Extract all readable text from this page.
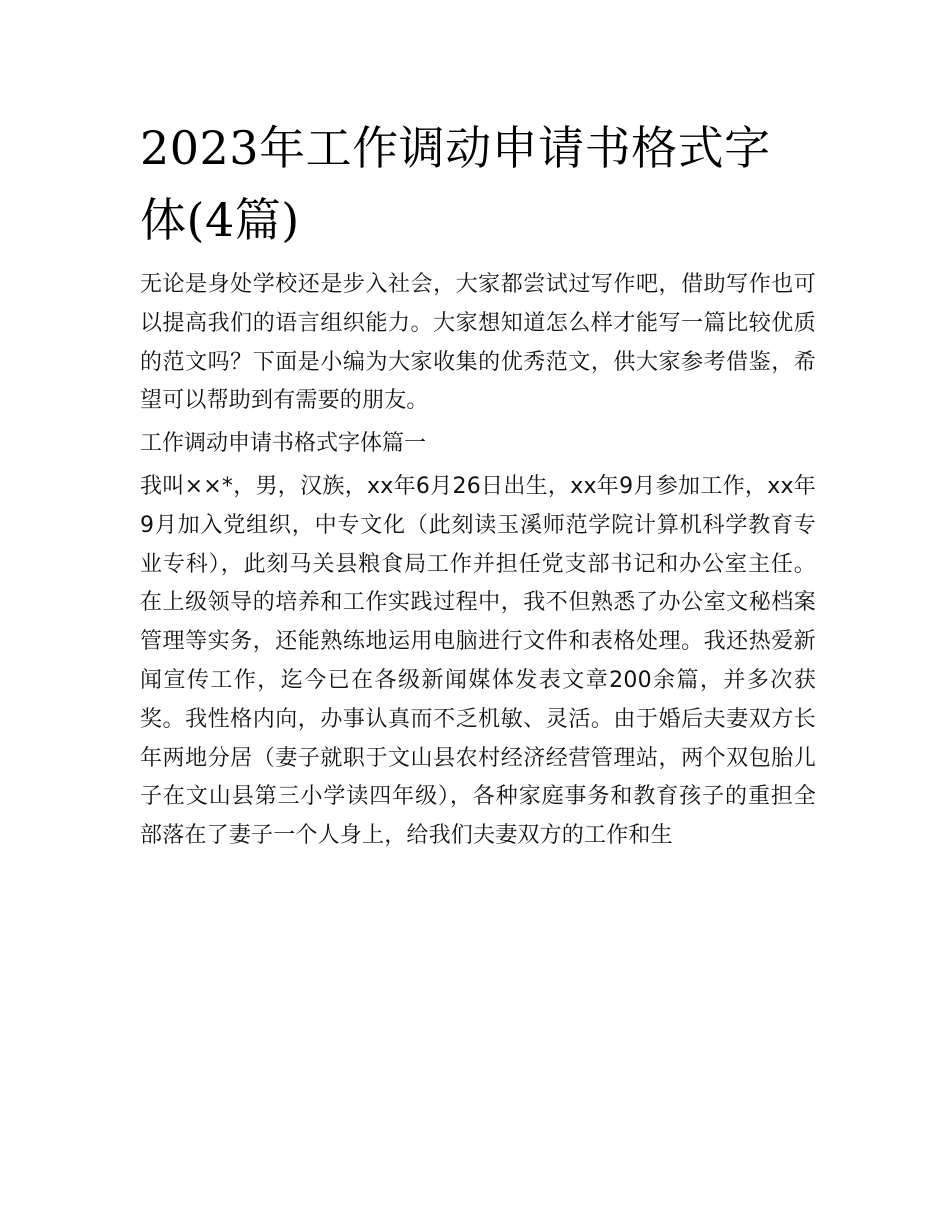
2023年工作调动申请书格式字
体(4篇)

无论是身处学校还是步入社会，大家都尝试过写作吧，借助写作也可以提高我们的语言组织能力。大家想知道怎么样才能写一篇比较优质的范文吗？下面是小编为大家收集的优秀范文，供大家参考借鉴，希望可以帮助到有需要的朋友。

工作调动申请书格式字体篇一

我叫××*，男，汉族，xx年6月26日出生，xx年9月参加工作，xx年9月加入党组织，中专文化（此刻读玉溪师范学院计算机科学教育专业专科），此刻马关县粮食局工作并担任党支部书记和办公室主任。在上级领导的培养和工作实践过程中，我不但熟悉了办公室文秘档案管理等实务，还能熟练地运用电脑进行文件和表格处理。我还热爱新闻宣传工作，迄今已在各级新闻媒体发表文章200余篇，并多次获奖。我性格内向，办事认真而不乏机敏、灵活。由于婚后夫妻双方长年两地分居（妻子就职于文山县农村经济经营管理站，两个双包胎儿子在文山县第三小学读四年级），各种家庭事务和教育孩子的重担全部落在了妻子一个人身上，给我们夫妻双方的工作和生
